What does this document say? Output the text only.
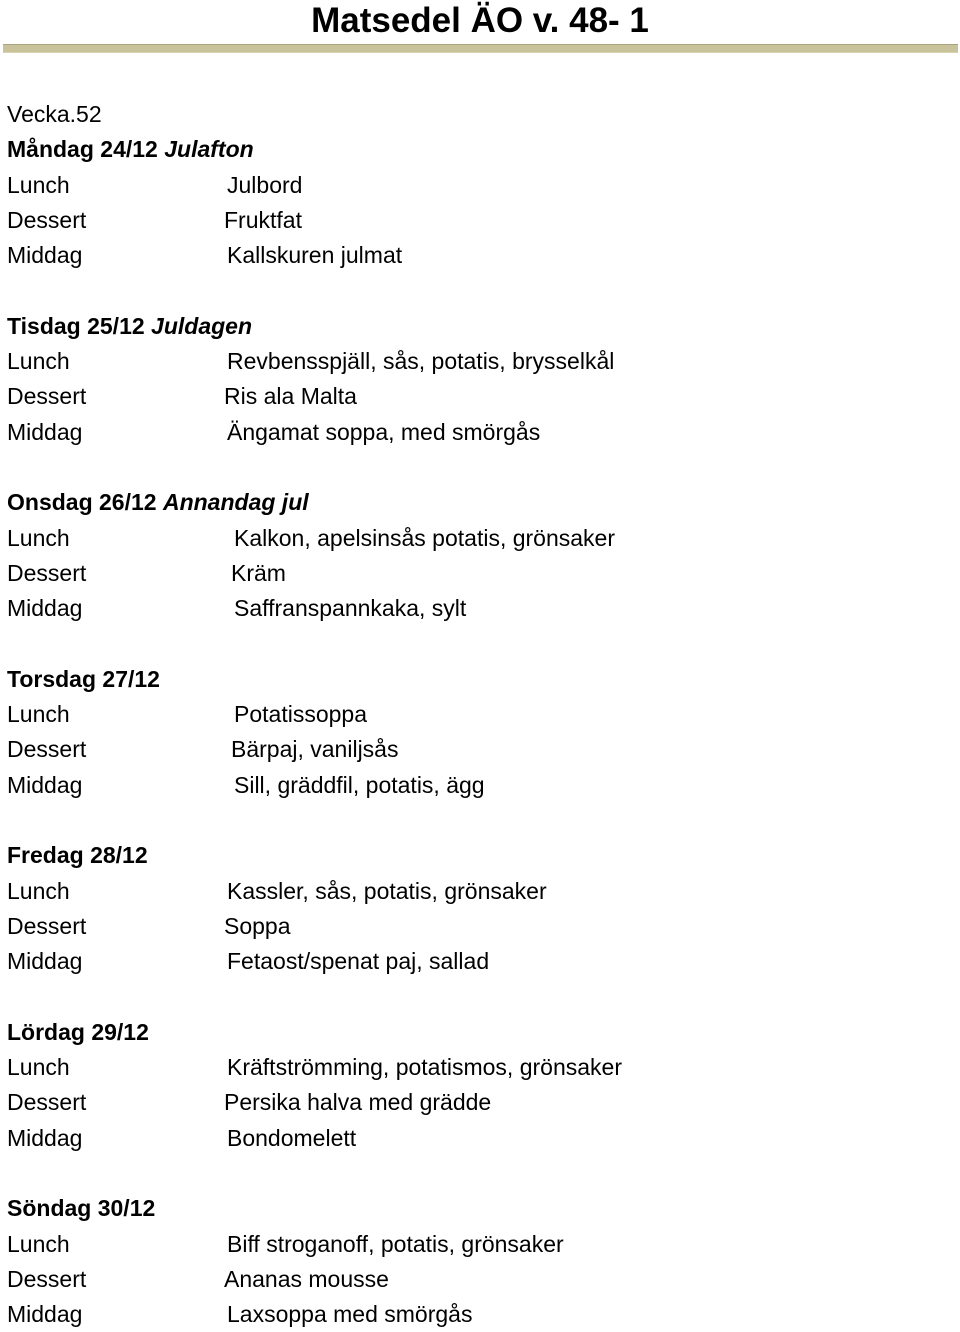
Matsedel ÄO v. 48- 1
Vecka.52
Måndag 24/12 Julafton
Lunch	Julbord
Dessert	Fruktfat
Middag	Kallskuren julmat
Tisdag 25/12 Juldagen
Lunch	Revbensspjäll, sås, potatis, brysselkål
Dessert	Ris ala Malta
Middag	Ängamat soppa, med smörgås
Onsdag 26/12 Annandag jul
Lunch	Kalkon, apelsinsås potatis, grönsaker
Dessert	Kräm
Middag	Saffranspannkaka, sylt
Torsdag 27/12
Lunch	Potatissoppa
Dessert	Bärpaj, vaniljsås
Middag	Sill, gräddfil, potatis, ägg
Fredag 28/12
Lunch	Kassler, sås, potatis, grönsaker
Dessert	Soppa
Middag	Fetaost/spenat paj, sallad
Lördag 29/12
Lunch	Kräftströmming, potatismos, grönsaker
Dessert	Persika halva med grädde
Middag	Bondomelett
Söndag 30/12
Lunch	Biff stroganoff, potatis, grönsaker
Dessert	Ananas mousse
Middag	Laxsoppa med smörgås
